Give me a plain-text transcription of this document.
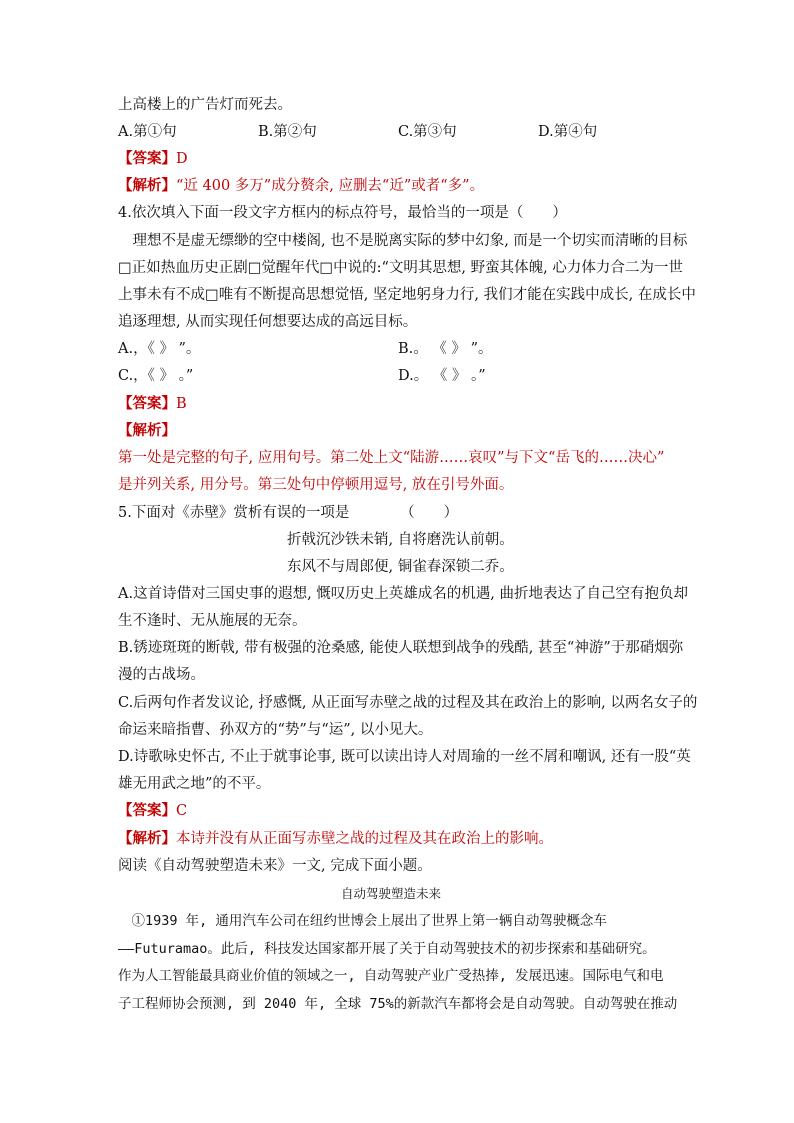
上高楼上的广告灯而死去。
A.第①句	B.第②句	C.第③句	D.第④句
【答案】D
【解析】“近 400 多万”成分赘余, 应删去“近”或者“多”。
4.依次填入下面一段文字方框内的标点符号，最恰当的一项是（　　）
　理想不是虚无缥缈的空中楼阁, 也不是脱离实际的梦中幻象, 而是一个切实而清晰的目标
□正如热血历史正剧□觉醒年代□中说的:“文明其思想, 野蛮其体魄, 心力体力合二为一世
上事未有不成□唯有不断提高思想觉悟, 坚定地躬身力行, 我们才能在实践中成长, 在成长中
追逐理想, 从而实现任何想要达成的高远目标。
A.，《 》 ”。	B.。 《 》 ”。
C.，《 》 。”	D.。 《 》 。”
【答案】B
【解析】
第一处是完整的句子, 应用句号。第二处上文“陆游……哀叹”与下文“岳飞的……决心”
是并列关系, 用分号。第三处句中停顿用逗号, 放在引号外面。
5.下面对《赤壁》赏析有误的一项是　　　　（　　）
折戟沉沙铁未销, 自将磨洗认前朝。
东风不与周郎便, 铜雀春深锁二乔。
A.这首诗借对三国史事的遐想, 慨叹历史上英雄成名的机遇, 曲折地表达了自己空有抱负却
生不逢时、无从施展的无奈。
B.锈迹斑斑的断戟, 带有极强的沧桑感, 能使人联想到战争的残酷, 甚至“神游”于那硝烟弥
漫的古战场。
C.后两句作者发议论, 抒感慨, 从正面写赤壁之战的过程及其在政治上的影响, 以两名女子的
命运来暗指曹、孙双方的“势”与“运”, 以小见大。
D.诗歌咏史怀古, 不止于就事论事, 既可以读出诗人对周瑜的一丝不屑和嘲讽, 还有一股“英
雄无用武之地”的不平。
【答案】C
【解析】本诗并没有从正面写赤壁之战的过程及其在政治上的影响。
阅读《自动驾驶塑造未来》一文, 完成下面小题。
自动驾驶塑造未来
　①1939 年, 通用汽车公司在纽约世博会上展出了世界上第一辆自动驾驶概念车
——Futuramao。此后, 科技发达国家都开展了关于自动驾驶技术的初步探索和基础研究。
作为人工智能最具商业价值的领域之一, 自动驾驶产业广受热捧, 发展迅速。国际电气和电
子工程师协会预测, 到 2040 年, 全球 75%的新款汽车都将会是自动驾驶。自动驾驶在推动
